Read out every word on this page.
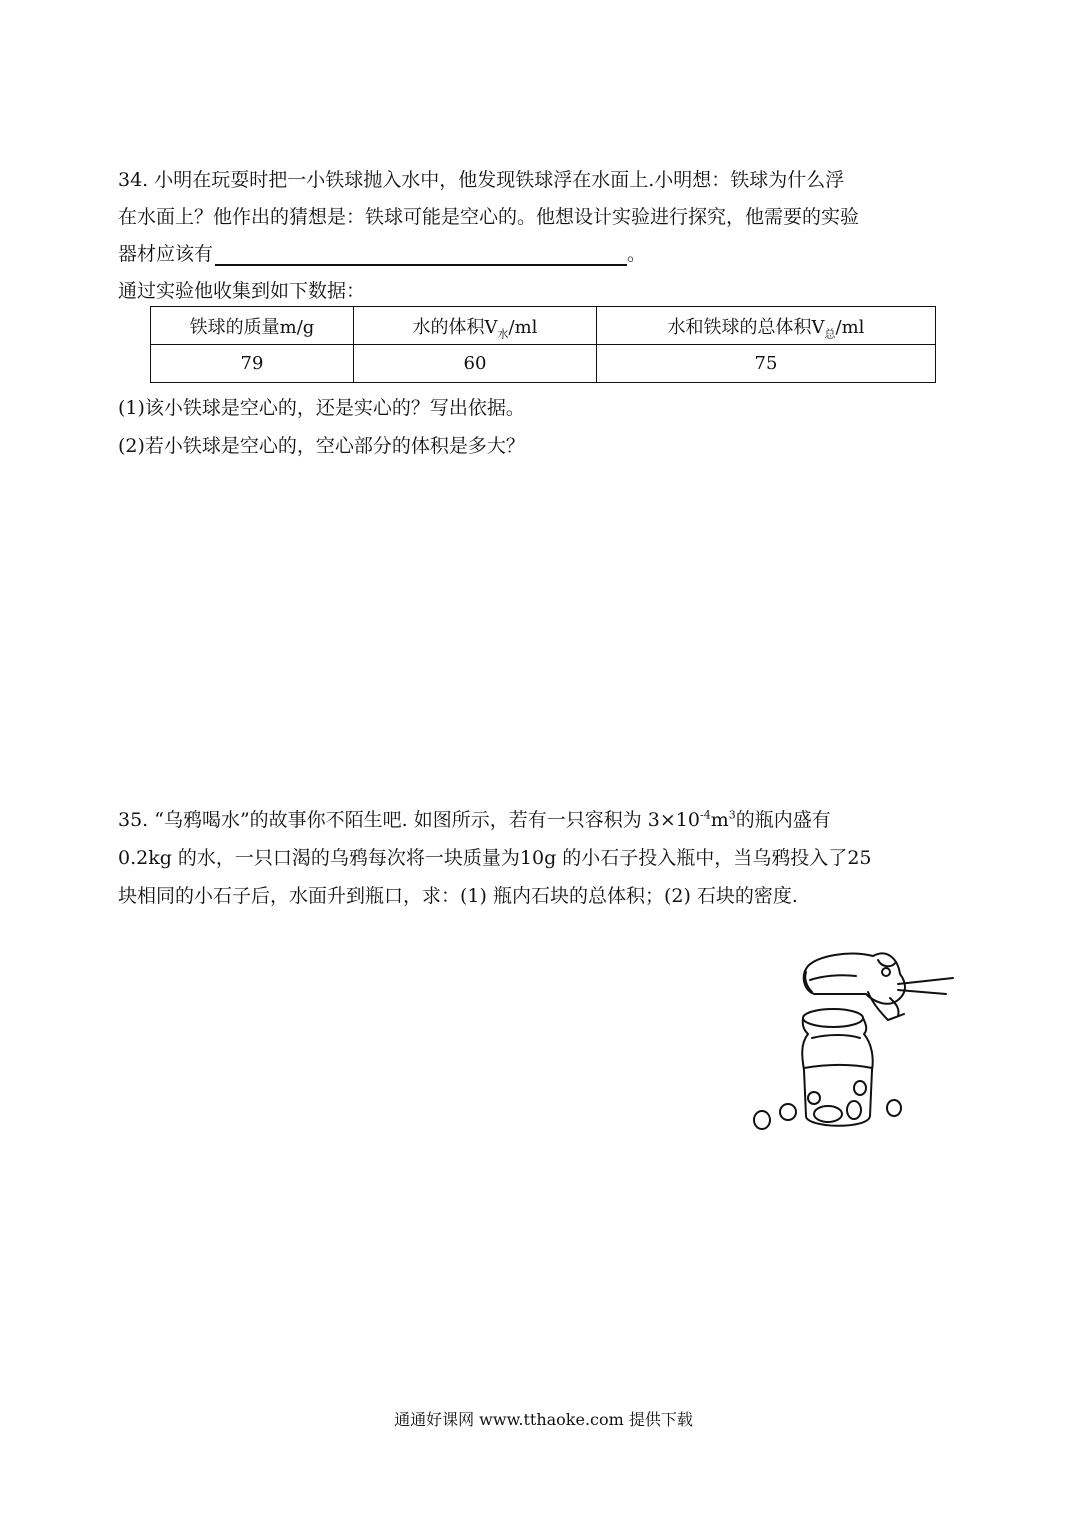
34. 小明在玩耍时把一小铁球抛入水中，他发现铁球浮在水面上.小明想：铁球为什么浮
在水面上？他作出的猜想是：铁球可能是空心的。他想设计实验进行探究，他需要的实验
器材应该有	。
通过实验他收集到如下数据：
铁球的质量m/g	水的体积$V_水/ml$	水和铁球的总体积$V_总/ml$
79	60	75
(1)该小铁球是空心的，还是实心的？写出依据。
(2)若小铁球是空心的，空心部分的体积是多大？
35. “乌鸦喝水”的故事你不陌生吧. 如图所示，若有一只容积为 $3\times 10^{-4}m^3$的瓶内盛有
0.2kg 的水，一只口渴的乌鸦每次将一块质量为10g 的小石子投入瓶中，当乌鸦投入了25
块相同的小石子后，水面升到瓶口，求：(1) 瓶内石块的总体积；(2) 石块的密度.
通通好课网 www.tthaoke.com 提供下载
